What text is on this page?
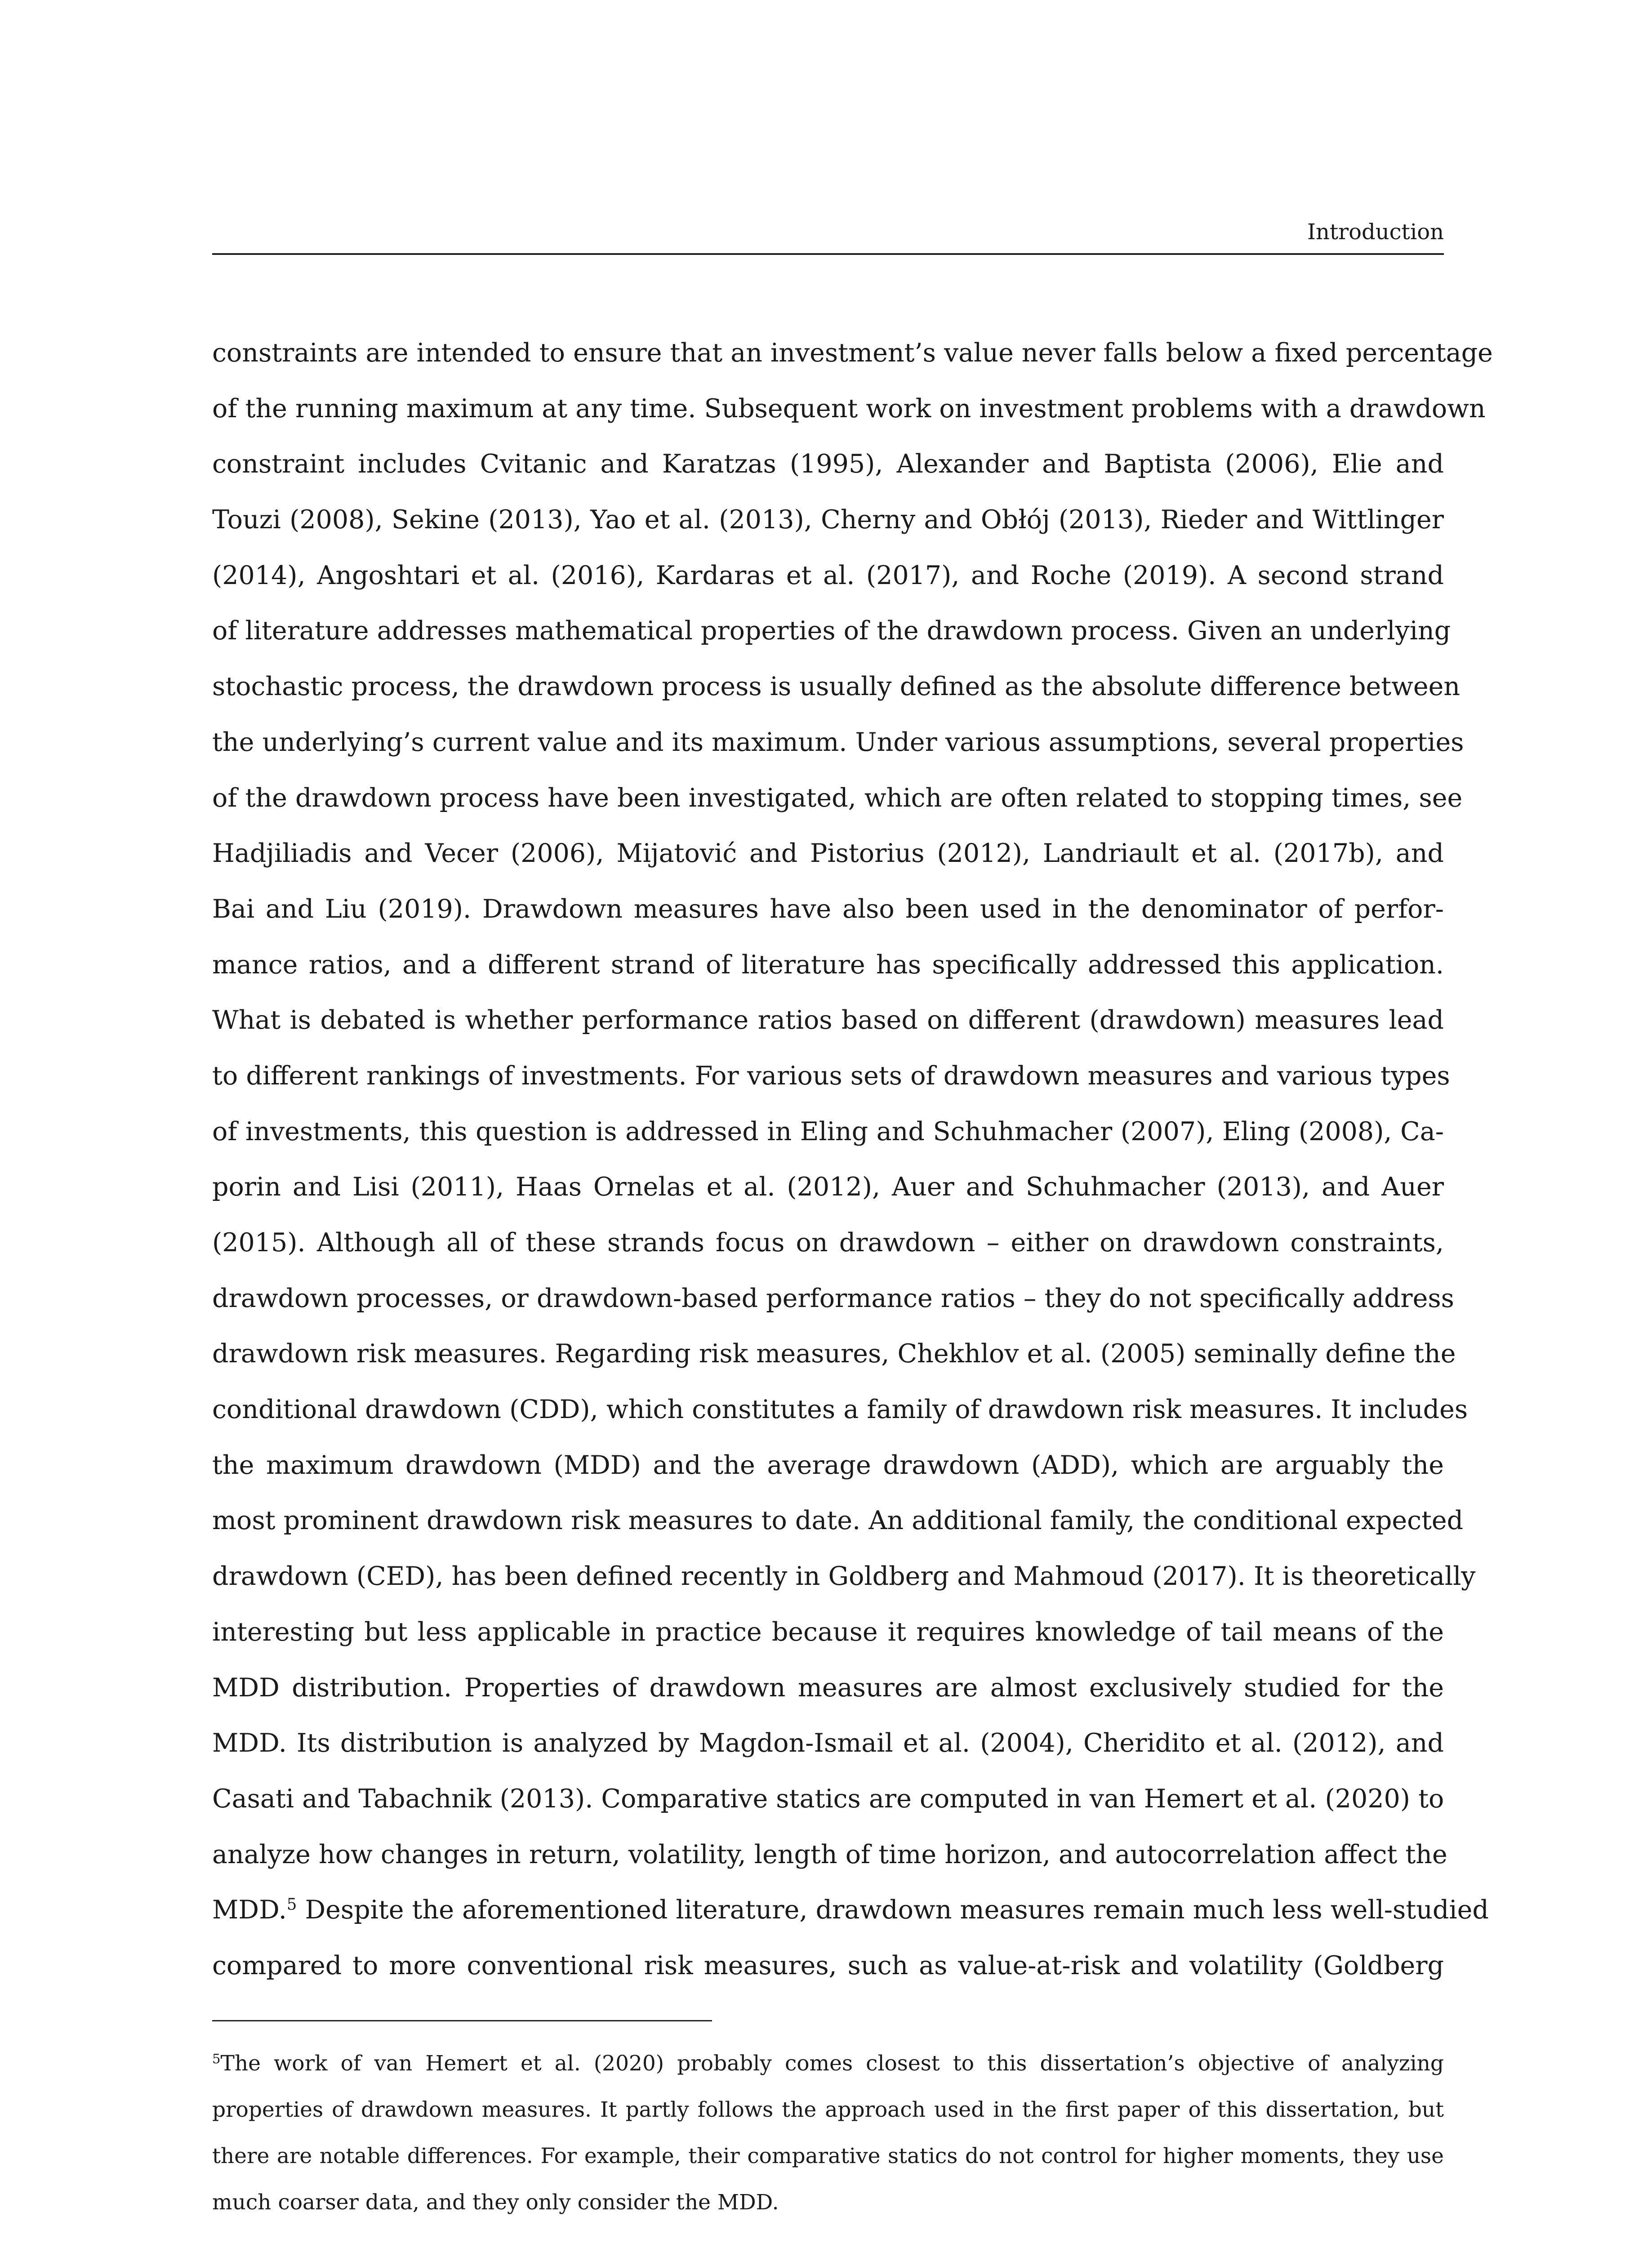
Introduction
constraints are intended to ensure that an investment’s value never falls below a fixed percentage
of the running maximum at any time. Subsequent work on investment problems with a drawdown
constraint includes Cvitanic and Karatzas (1995), Alexander and Baptista (2006), Elie and
Touzi (2008), Sekine (2013), Yao et al. (2013), Cherny and Obłój (2013), Rieder and Wittlinger
(2014), Angoshtari et al. (2016), Kardaras et al. (2017), and Roche (2019). A second strand
of literature addresses mathematical properties of the drawdown process. Given an underlying
stochastic process, the drawdown process is usually defined as the absolute difference between
the underlying’s current value and its maximum. Under various assumptions, several properties
of the drawdown process have been investigated, which are often related to stopping times, see
Hadjiliadis and Vecer (2006), Mijatović and Pistorius (2012), Landriault et al. (2017b), and
Bai and Liu (2019). Drawdown measures have also been used in the denominator of perfor-
mance ratios, and a different strand of literature has specifically addressed this application.
What is debated is whether performance ratios based on different (drawdown) measures lead
to different rankings of investments. For various sets of drawdown measures and various types
of investments, this question is addressed in Eling and Schuhmacher (2007), Eling (2008), Ca-
porin and Lisi (2011), Haas Ornelas et al. (2012), Auer and Schuhmacher (2013), and Auer
(2015). Although all of these strands focus on drawdown – either on drawdown constraints,
drawdown processes, or drawdown-based performance ratios – they do not specifically address
drawdown risk measures. Regarding risk measures, Chekhlov et al. (2005) seminally define the
conditional drawdown (CDD), which constitutes a family of drawdown risk measures. It includes
the maximum drawdown (MDD) and the average drawdown (ADD), which are arguably the
most prominent drawdown risk measures to date. An additional family, the conditional expected
drawdown (CED), has been defined recently in Goldberg and Mahmoud (2017). It is theoretically
interesting but less applicable in practice because it requires knowledge of tail means of the
MDD distribution. Properties of drawdown measures are almost exclusively studied for the
MDD. Its distribution is analyzed by Magdon-Ismail et al. (2004), Cheridito et al. (2012), and
Casati and Tabachnik (2013). Comparative statics are computed in van Hemert et al. (2020) to
analyze how changes in return, volatility, length of time horizon, and autocorrelation affect the
MDD.$^5$ Despite the aforementioned literature, drawdown measures remain much less well-studied
compared to more conventional risk measures, such as value-at-risk and volatility (Goldberg
$^5$The work of van Hemert et al. (2020) probably comes closest to this dissertation’s objective of analyzing
properties of drawdown measures. It partly follows the approach used in the first paper of this dissertation, but
there are notable differences. For example, their comparative statics do not control for higher moments, they use
much coarser data, and they only consider the MDD.
